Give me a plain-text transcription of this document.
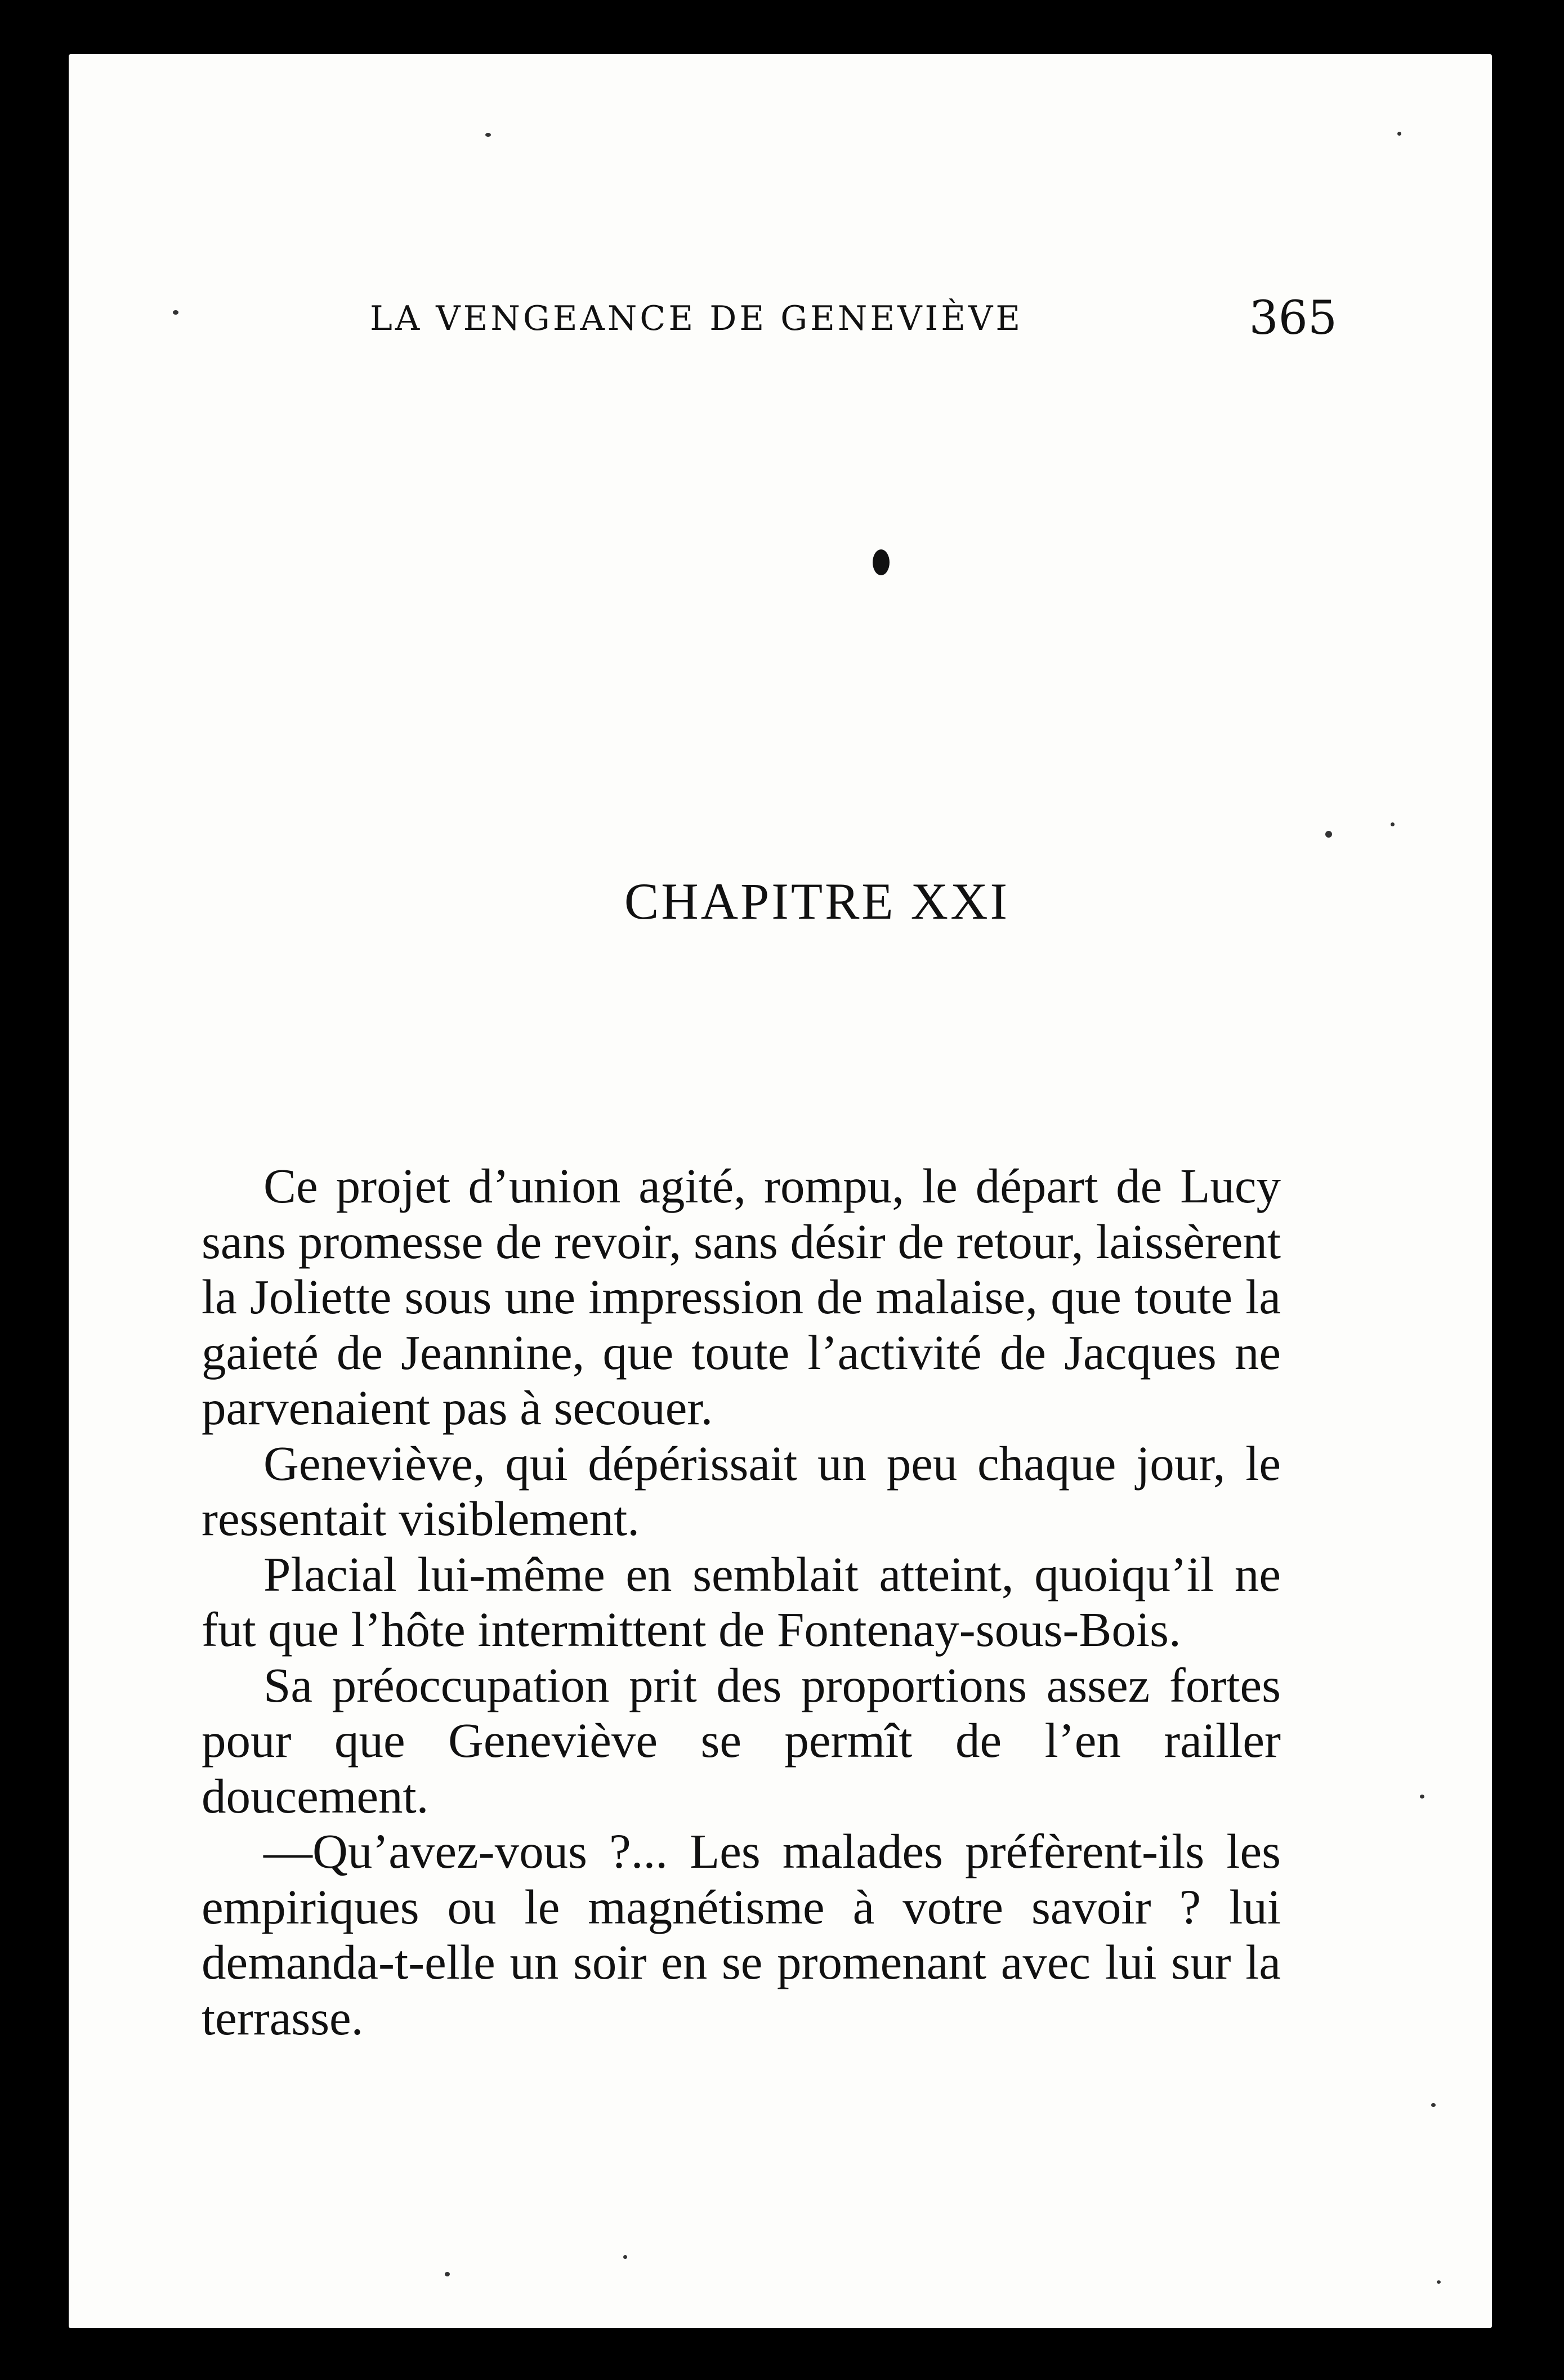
LA VENGEANCE DE GENEVIÈVE	365
CHAPITRE XXI

Ce projet d’union agité, rompu, le départ de Lucy sans promesse de revoir, sans désir de retour, laissèrent la Joliette sous une impression de malaise, que toute la gaieté de Jeannine, que toute l’activité de Jacques ne parvenaient pas à secouer.

Geneviève, qui dépérissait un peu chaque jour, le ressentait visiblement.

Placial lui-même en semblait atteint, quoiqu’il ne fut que l’hôte intermittent de Fontenay-sous-Bois.

Sa préoccupation prit des proportions assez fortes pour que Geneviève se permît de l’en railler doucement.

—Qu’avez-vous ?... Les malades préfèrent-ils les empiriques ou le magnétisme à votre savoir ? lui demanda-t-elle un soir en se promenant avec lui sur la terrasse.
